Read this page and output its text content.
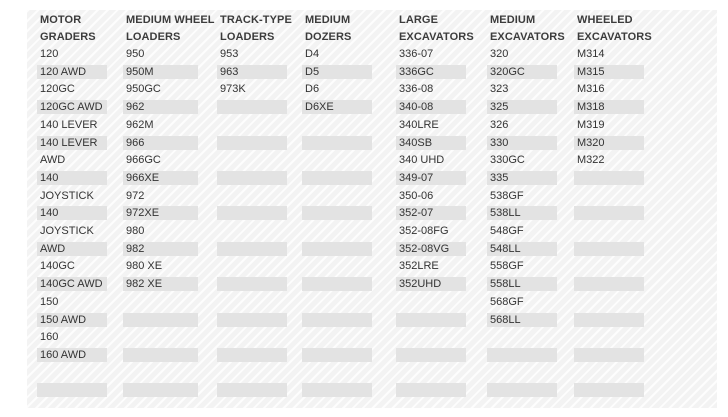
MOTOR
GRADERS
120
120 AWD
120GC
120GC AWD
140 LEVER
140 LEVER
AWD
140
JOYSTICK
140
JOYSTICK
AWD
140GC
140GC AWD
150
150 AWD
160
160 AWD
MEDIUM WHEEL
LOADERS
950
950M
950GC
962
962M
966
966GC
966XE
972
972XE
980
982
980 XE
982 XE
TRACK-TYPE
LOADERS
953
963
973K
MEDIUM
DOZERS
D4
D5
D6
D6XE
LARGE
EXCAVATORS
336-07
336GC
336-08
340-08
340LRE
340SB
340 UHD
349-07
350-06
352-07
352-08FG
352-08VG
352LRE
352UHD
MEDIUM
EXCAVATORS
320
320GC
323
325
326
330
330GC
335
538GF
538LL
548GF
548LL
558GF
558LL
568GF
568LL
WHEELED
EXCAVATORS
M314
M315
M316
M318
M319
M320
M322
